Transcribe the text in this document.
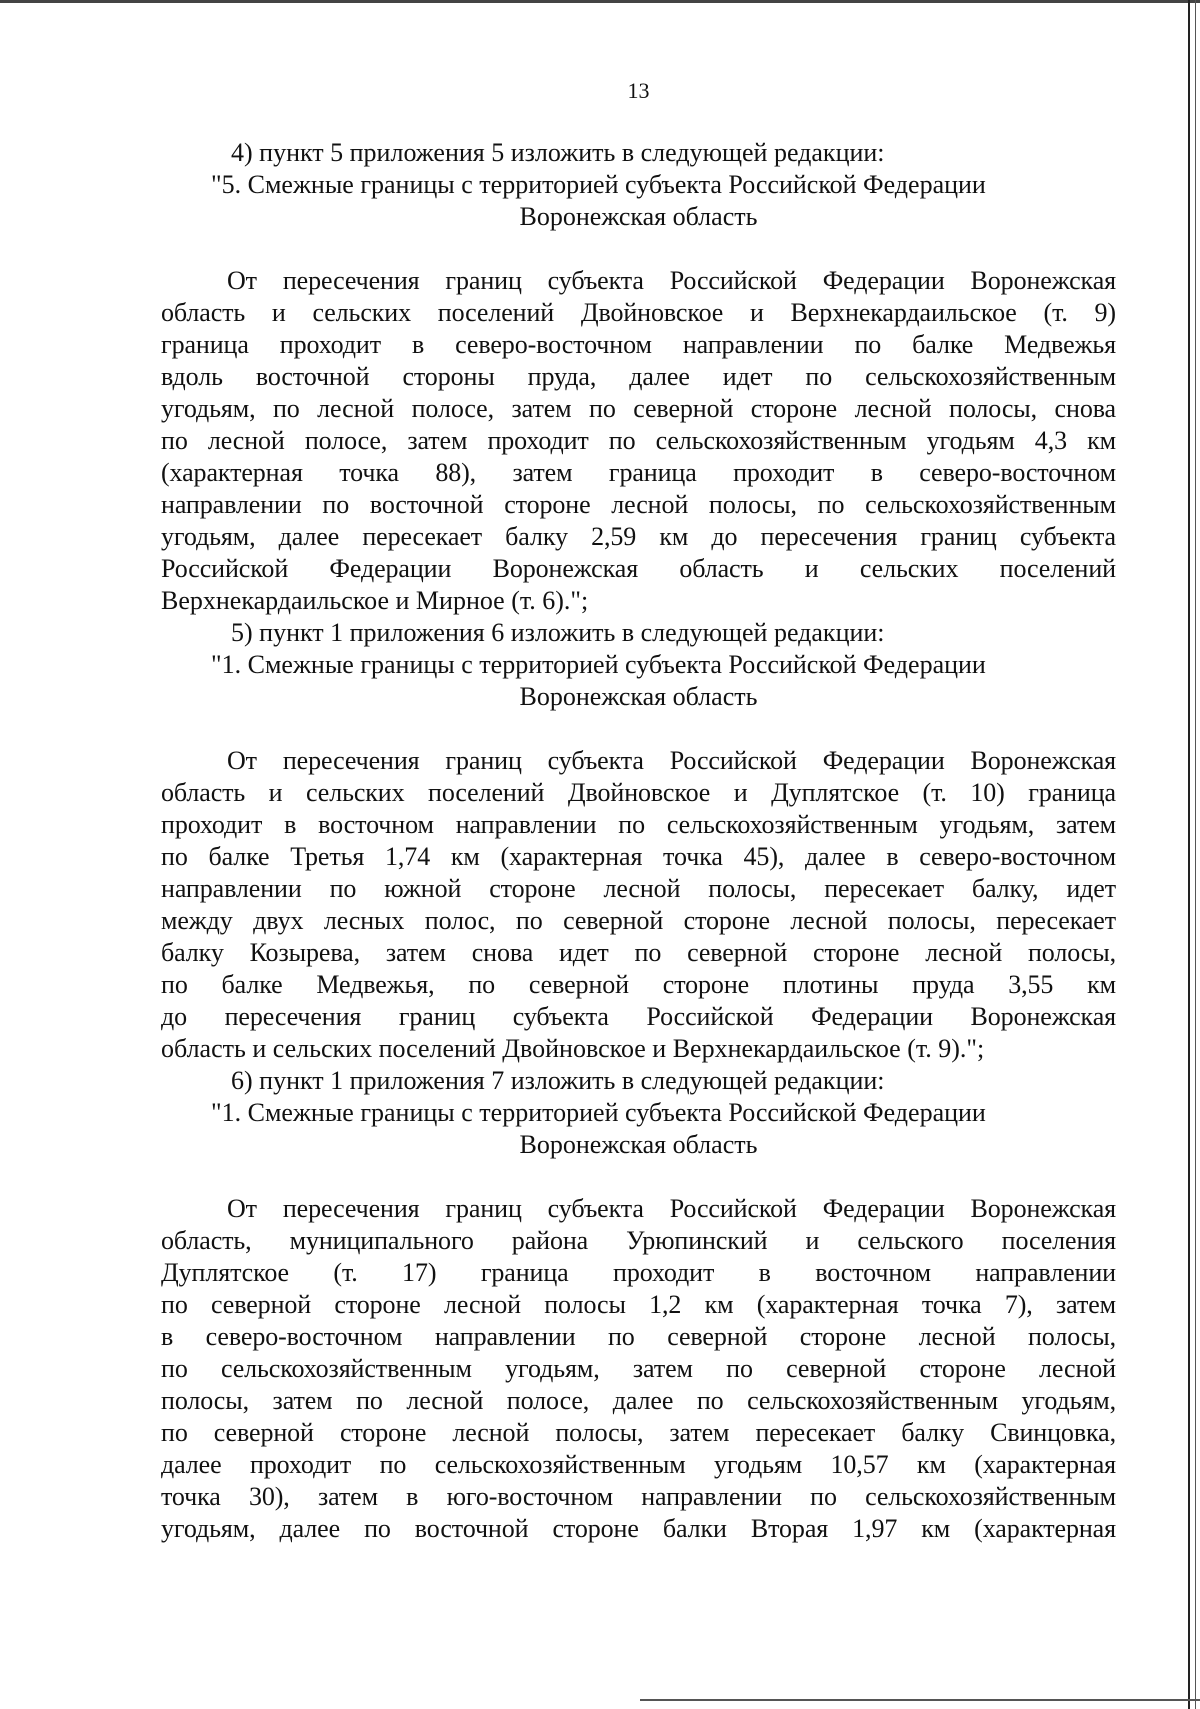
13
4) пункт 5 приложения 5 изложить в следующей редакции:
"5. Смежные границы с территорией субъекта Российской Федерации
Воронежская область
От пересечения границ субъекта Российской Федерации Воронежская
область и сельских поселений Двойновское и Верхнекардаильское (т. 9)
граница проходит в северо-восточном направлении по балке Медвежья
вдоль восточной стороны пруда, далее идет по сельскохозяйственным
угодьям, по лесной полосе, затем по северной стороне лесной полосы, снова
по лесной полосе, затем проходит по сельскохозяйственным угодьям 4,3 км
(характерная точка 88), затем граница проходит в северо-восточном
направлении по восточной стороне лесной полосы, по сельскохозяйственным
угодьям, далее пересекает балку 2,59 км до пересечения границ субъекта
Российской Федерации Воронежская область и сельских поселений
Верхнекардаильское и Мирное (т. 6).";
5) пункт 1 приложения 6 изложить в следующей редакции:
"1. Смежные границы с территорией субъекта Российской Федерации
Воронежская область
От пересечения границ субъекта Российской Федерации Воронежская
область и сельских поселений Двойновское и Дуплятское (т. 10) граница
проходит в восточном направлении по сельскохозяйственным угодьям, затем
по балке Третья 1,74 км (характерная точка 45), далее в северо-восточном
направлении по южной стороне лесной полосы, пересекает балку, идет
между двух лесных полос, по северной стороне лесной полосы, пересекает
балку Козырева, затем снова идет по северной стороне лесной полосы,
по балке Медвежья, по северной стороне плотины пруда 3,55 км
до пересечения границ субъекта Российской Федерации Воронежская
область и сельских поселений Двойновское и Верхнекардаильское (т. 9).";
6) пункт 1 приложения 7 изложить в следующей редакции:
"1. Смежные границы с территорией субъекта Российской Федерации
Воронежская область
От пересечения границ субъекта Российской Федерации Воронежская
область, муниципального района Урюпинский и сельского поселения
Дуплятское (т. 17) граница проходит в восточном направлении
по северной стороне лесной полосы 1,2 км (характерная точка 7), затем
в северо-восточном направлении по северной стороне лесной полосы,
по сельскохозяйственным угодьям, затем по северной стороне лесной
полосы, затем по лесной полосе, далее по сельскохозяйственным угодьям,
по северной стороне лесной полосы, затем пересекает балку Свинцовка,
далее проходит по сельскохозяйственным угодьям 10,57 км (характерная
точка 30), затем в юго-восточном направлении по сельскохозяйственным
угодьям, далее по восточной стороне балки Вторая 1,97 км (характерная
